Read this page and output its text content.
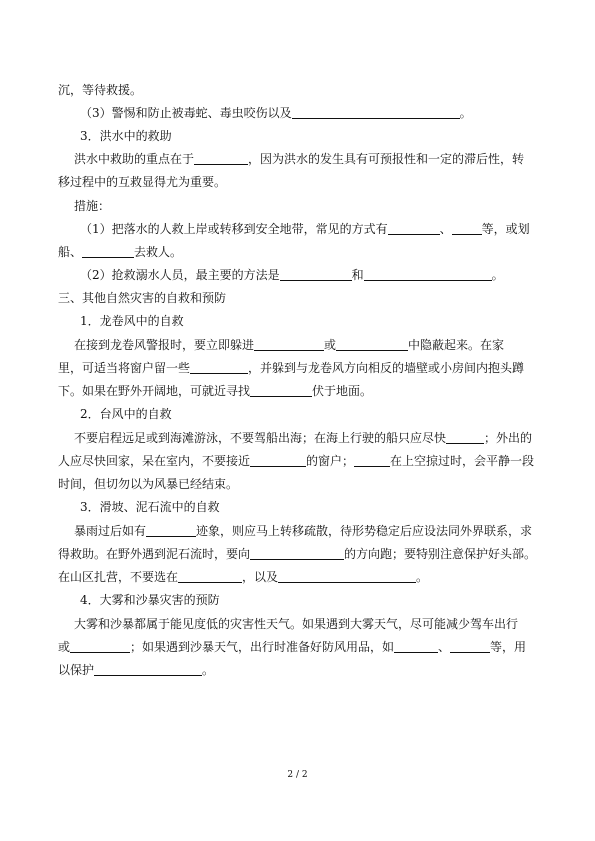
沉，等待救援。
（3）警惕和防止被毒蛇、毒虫咬伤以及	。
3．洪水中的救助
洪水中救助的重点在于	，因为洪水的发生具有可预报性和一定的滞后性，转
移过程中的互救显得尤为重要。
措施：
（1）把落水的人救上岸或转移到安全地带，常见的方式有	、	等，或划
船、	去救人。
（2）抢救溺水人员，最主要的方法是	和	。
三、其他自然灾害的自救和预防
1．龙卷风中的自救
在接到龙卷风警报时，要立即躲进	或	中隐蔽起来。在家
里，可适当将窗户留一些	，并躲到与龙卷风方向相反的墙壁或小房间内抱头蹲
下。如果在野外开阔地，可就近寻找	伏于地面。
2．台风中的自救
不要启程远足或到海滩游泳，不要驾船出海；在海上行驶的船只应尽快	；外出的
人应尽快回家，呆在室内，不要接近	的窗户；	在上空掠过时，会平静一段
时间，但切勿以为风暴已经结束。
3．滑坡、泥石流中的自救
暴雨过后如有	迹象，则应马上转移疏散，待形势稳定后应设法同外界联系，求
得救助。在野外遇到泥石流时，要向	的方向跑；要特别注意保护好头部。
在山区扎营，不要选在	，以及	。
4．大雾和沙暴灾害的预防
大雾和沙暴都属于能见度低的灾害性天气。如果遇到大雾天气，尽可能减少驾车出行
或	；如果遇到沙暴天气，出行时准备好防风用品，如	、	等，用
以保护	。
2 / 2
